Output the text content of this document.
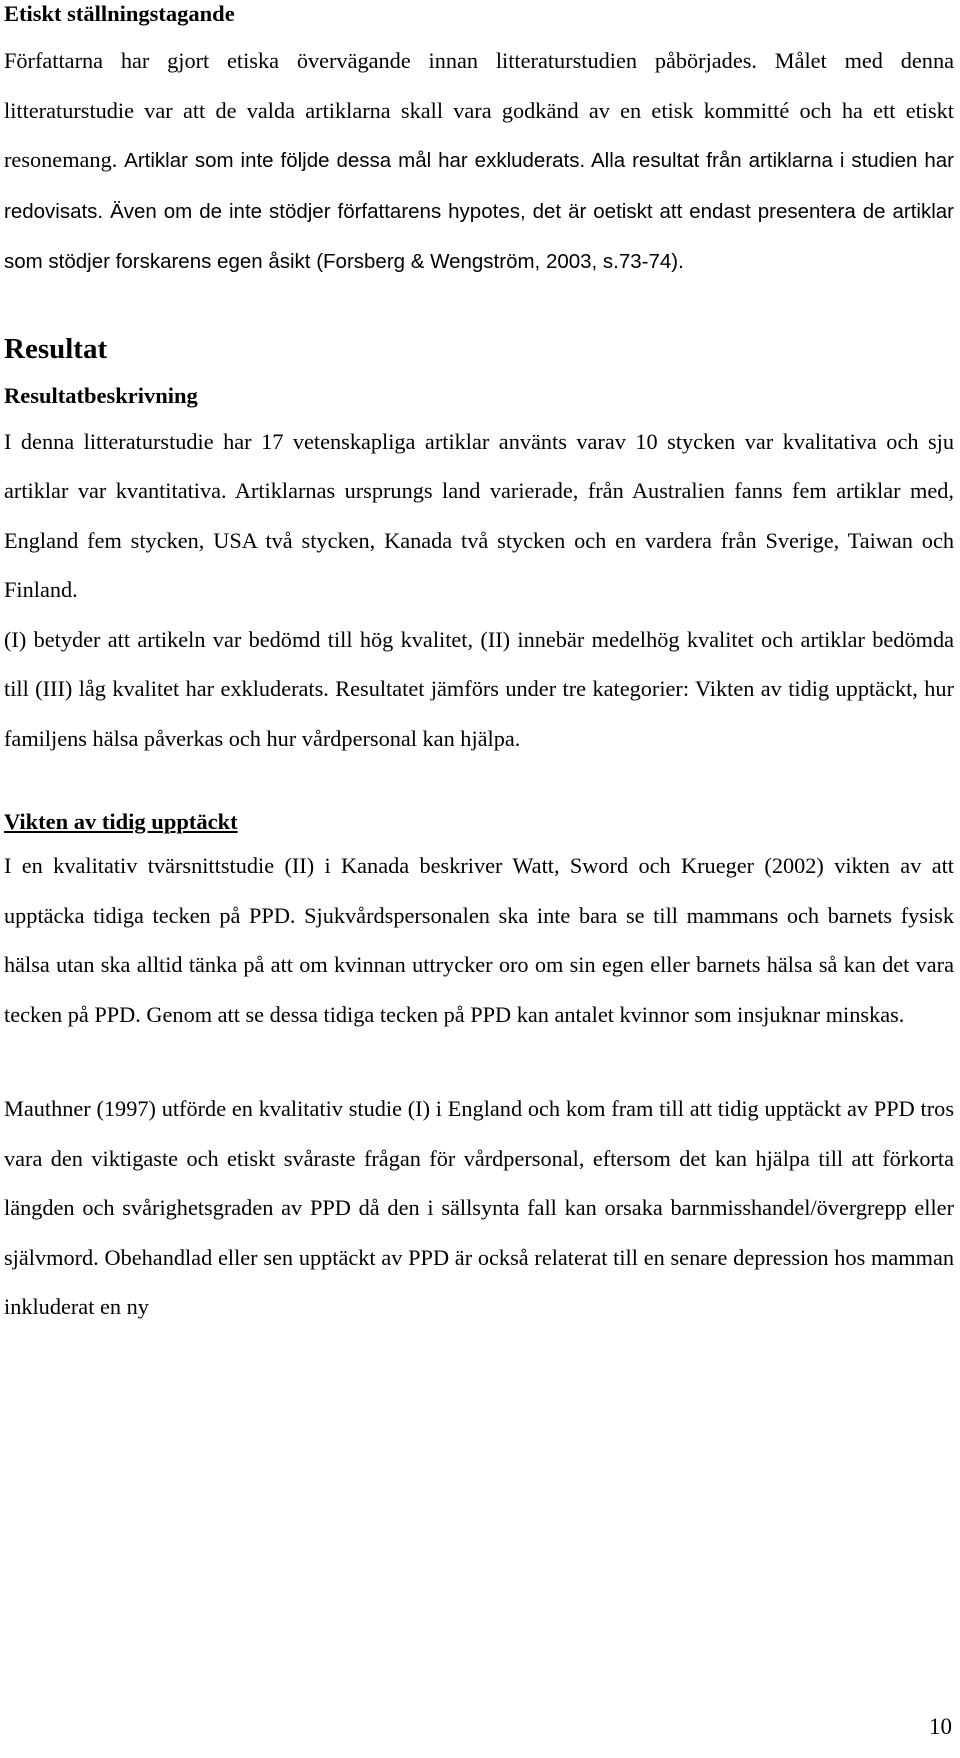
Etiskt ställningstagande

Författarna har gjort etiska övervägande innan litteraturstudien påbörjades. Målet med denna litteraturstudie var att de valda artiklarna skall vara godkänd av en etisk kommitté och ha ett etiskt resonemang. Artiklar som inte följde dessa mål har exkluderats. Alla resultat från artiklarna i studien har redovisats. Även om de inte stödjer författarens hypotes, det är oetiskt att endast presentera de artiklar som stödjer forskarens egen åsikt (Forsberg & Wengström, 2003, s.73-74).

Resultat
Resultatbeskrivning

I denna litteraturstudie har 17 vetenskapliga artiklar använts varav 10 stycken var kvalitativa och sju artiklar var kvantitativa. Artiklarnas ursprungs land varierade, från Australien fanns fem artiklar med, England fem stycken, USA två stycken, Kanada två stycken och en vardera från Sverige, Taiwan och Finland.

(I) betyder att artikeln var bedömd till hög kvalitet, (II) innebär medelhög kvalitet och artiklar bedömda till (III) låg kvalitet har exkluderats. Resultatet jämförs under tre kategorier: Vikten av tidig upptäckt, hur familjens hälsa påverkas och hur vårdpersonal kan hjälpa.

Vikten av tidig upptäckt

I en kvalitativ tvärsnittstudie (II) i Kanada beskriver Watt, Sword och Krueger (2002) vikten av att upptäcka tidiga tecken på PPD. Sjukvårdspersonalen ska inte bara se till mammans och barnets fysisk hälsa utan ska alltid tänka på att om kvinnan uttrycker oro om sin egen eller barnets hälsa så kan det vara tecken på PPD. Genom att se dessa tidiga tecken på PPD kan antalet kvinnor som insjuknar minskas.

Mauthner (1997) utförde en kvalitativ studie (I) i England och kom fram till att tidig upptäckt av PPD tros vara den viktigaste och etiskt svåraste frågan för vårdpersonal, eftersom det kan hjälpa till att förkorta längden och svårighetsgraden av PPD då den i sällsynta fall kan orsaka barnmisshandel/övergrepp eller självmord. Obehandlad eller sen upptäckt av PPD är också relaterat till en senare depression hos mamman inkluderat en ny

10
